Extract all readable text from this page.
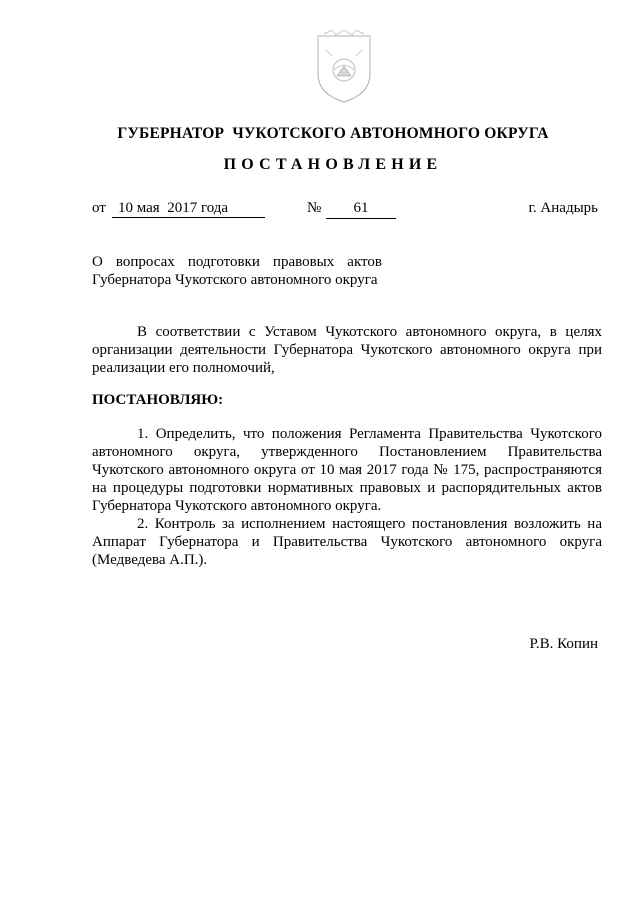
ГУБЕРНАТОР  ЧУКОТСКОГО АВТОНОМНОГО ОКРУГА
ПОСТАНОВЛЕНИЕ
от 10 мая  2017 года	№	61	г. Анадырь
О вопросах подготовки правовых актов
Губернатора Чукотского автономного округа
В соответствии с Уставом Чукотского автономного округа, в целях
организации деятельности Губернатора Чукотского автономного округа при
реализации его полномочий,
ПОСТАНОВЛЯЮ:
1. Определить, что положения Регламента Правительства Чукотского
автономного округа, утвержденного Постановлением Правительства
Чукотского автономного округа от 10 мая 2017 года № 175, распространяются
на процедуры подготовки нормативных правовых и распорядительных актов
Губернатора Чукотского автономного округа.
2. Контроль за исполнением настоящего постановления возложить на
Аппарат Губернатора и Правительства Чукотского автономного округа
(Медведева А.П.).
Р.В. Копин
